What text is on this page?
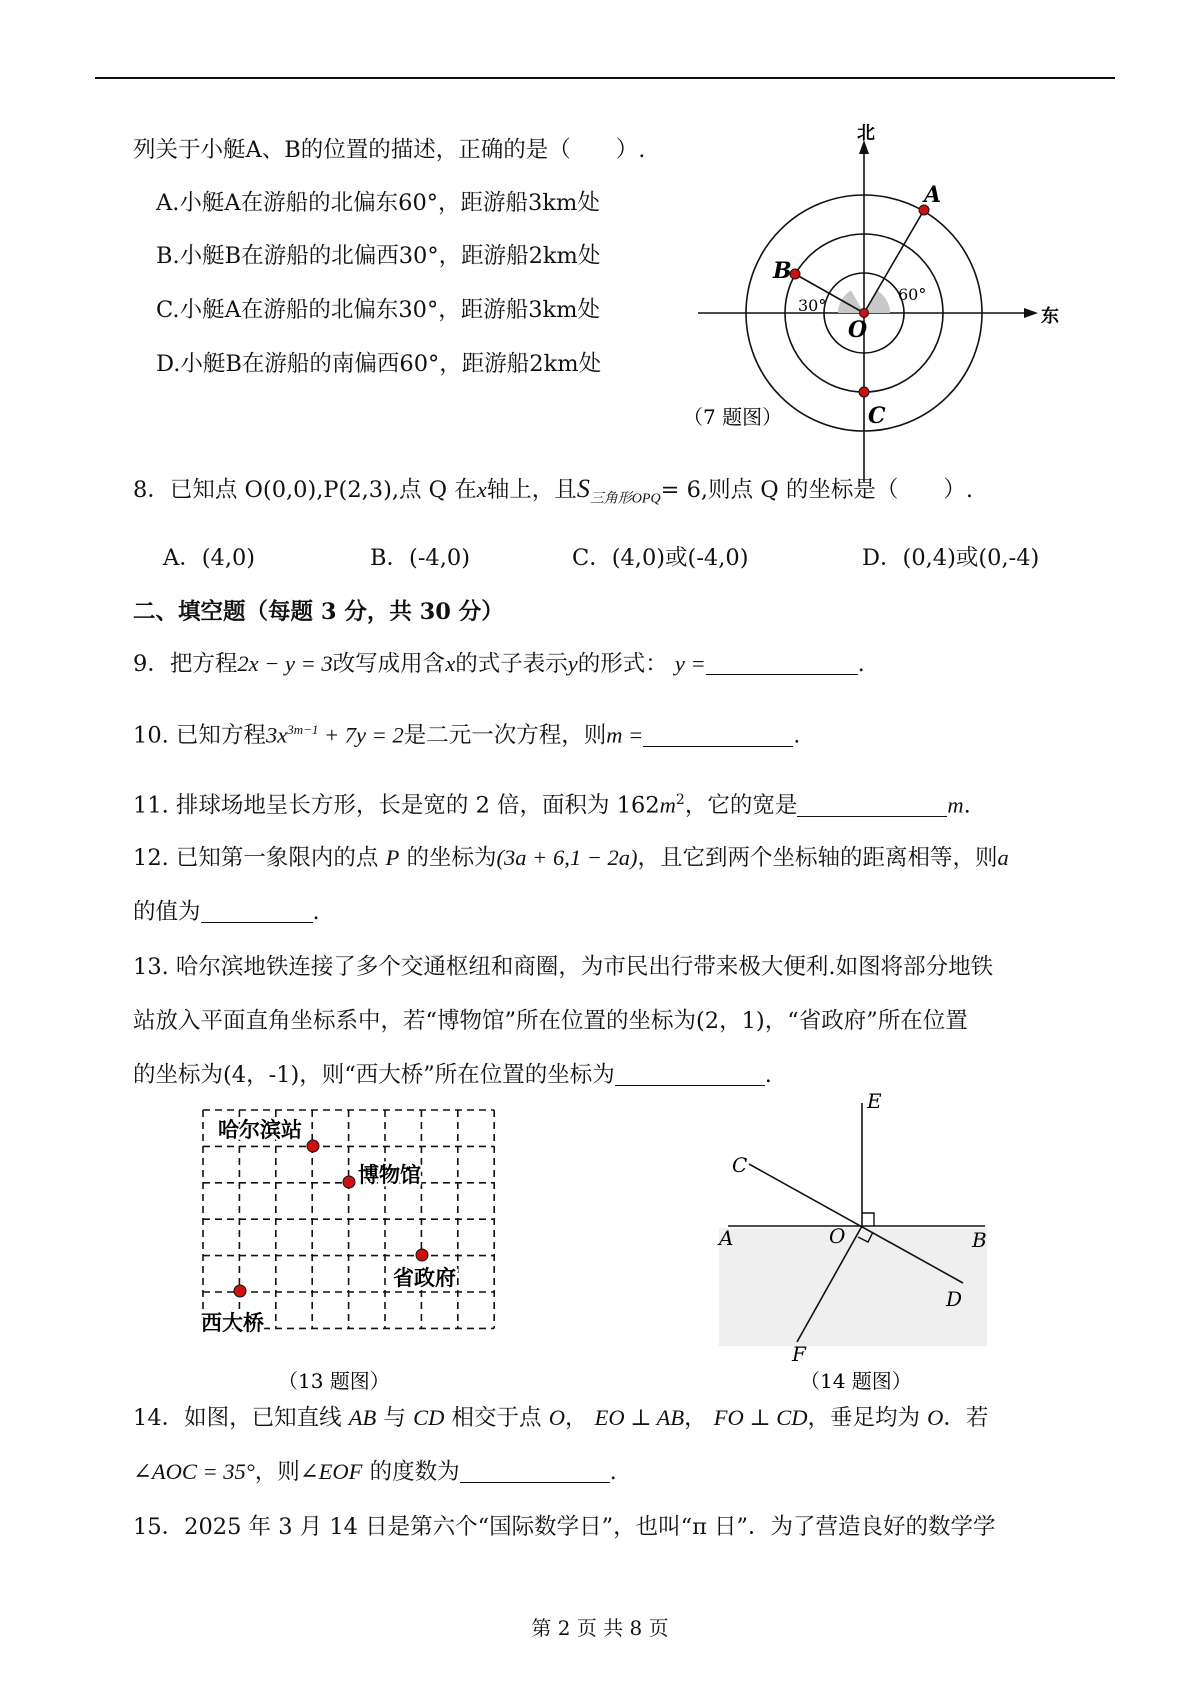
列关于小艇A、B的位置的描述，正确的是（　　）.
A.小艇A在游船的北偏东60°，距游船3km处
B.小艇B在游船的北偏西30°，距游船2km处
C.小艇A在游船的北偏东30°，距游船3km处
D.小艇B在游船的南偏西60°，距游船2km处
北
东
A
B
C
O
30°
60°
（7 题图）
8．已知点 O(0,0),P(2,3),点 Q 在x轴上，且$S_{三角形OPQ}= 6$,则点 Q 的坐标是（　　）.
A．(4,0)	B．(-4,0)	C．(4,0)或(-4,0)	D．(0,4)或(0,-4)
二、填空题（每题 3 分，共 30 分）
9．把方程2x − y = 3改写成用含x的式子表示y的形式： y =	.
10. 已知方程$3x^{3m-1} + 7y = 2$是二元一次方程，则m =	.
11. 排球场地呈长方形，长是宽的 2 倍，面积为 $162m^2$，它的宽是	m.
12. 已知第一象限内的点 P 的坐标为(3a + 6,1 − 2a)，且它到两个坐标轴的距离相等，则a
的值为	.
13. 哈尔滨地铁连接了多个交通枢纽和商圈，为市民出行带来极大便利.如图将部分地铁
站放入平面直角坐标系中，若“博物馆”所在位置的坐标为(2，1)，“省政府”所在位置
的坐标为(4，-1)，则“西大桥”所在位置的坐标为	.
哈尔滨站
博物馆
省政府
西大桥
（13 题图）
E
C
A	O	B
D
F
（14 题图）
14．如图，已知直线 AB 与 CD 相交于点 O， EO ⊥ AB， FO ⊥ CD，垂足均为 O．若
∠AOC = 35°，则∠EOF 的度数为	.
15．2025 年 3 月 14 日是第六个“国际数学日”，也叫“π 日”．为了营造良好的数学学
第 2 页 共 8 页
